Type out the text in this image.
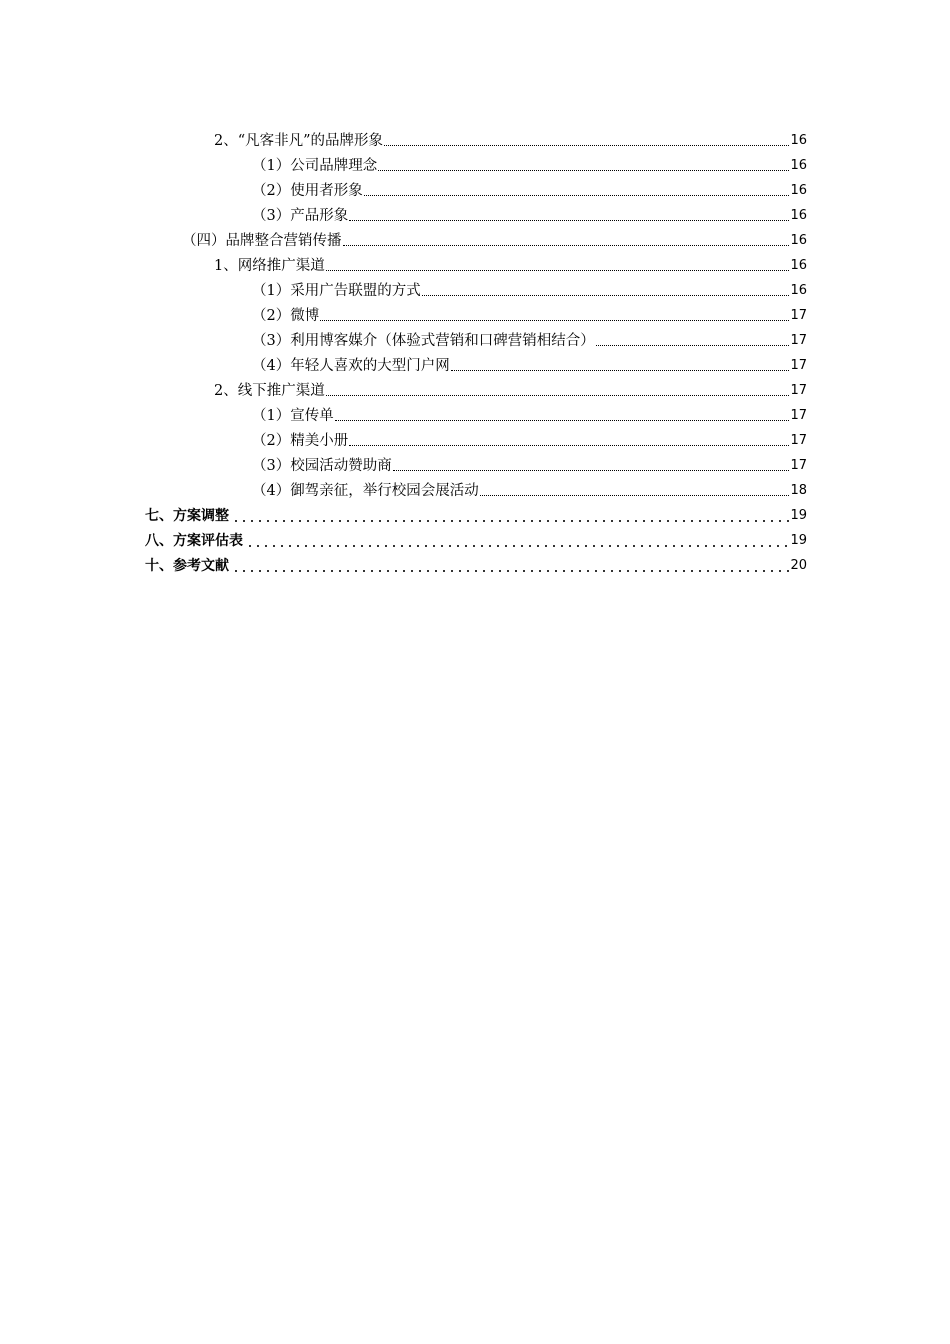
2、“凡客非凡”的品牌形象	16
（1）公司品牌理念	16
（2）使用者形象	16
（3）产品形象	16
（四）品牌整合营销传播	16
1、网络推广渠道	16
（1）采用广告联盟的方式	16
（2）微博	17
（3）利用博客媒介（体验式营销和口碑营销相结合）	17
（4）年轻人喜欢的大型门户网	17
2、线下推广渠道	17
（1）宣传单	17
（2）精美小册	17
（3）校园活动赞助商	17
（4）御驾亲征，举行校园会展活动	18
七、方案调整	19
八、方案评估表	19
十、参考文献	20
